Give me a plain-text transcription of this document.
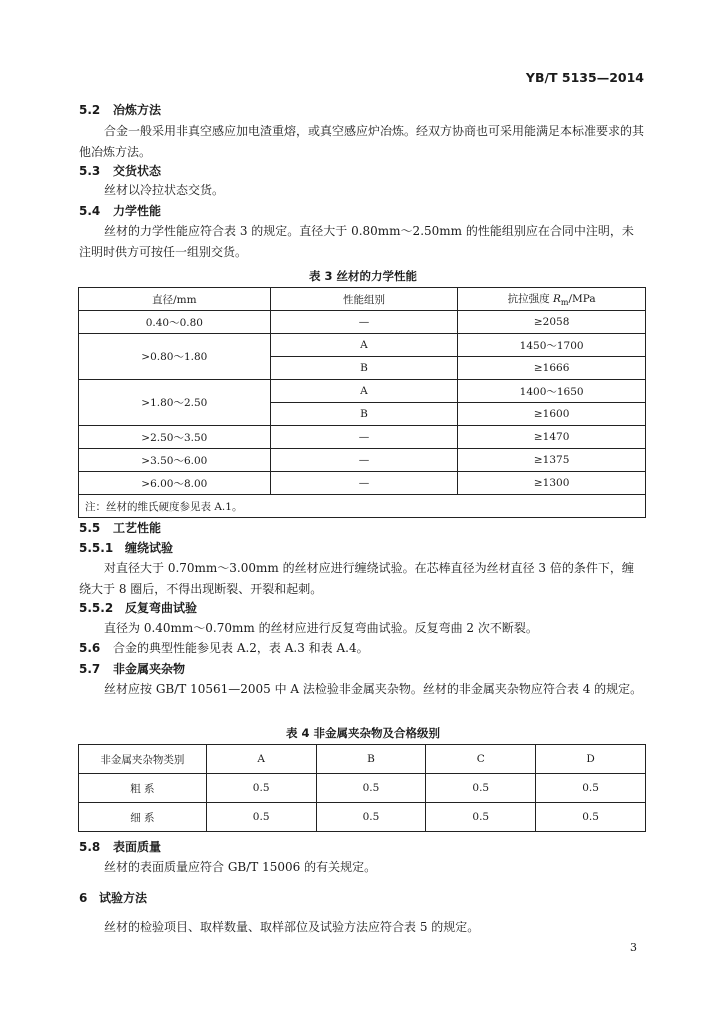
YB/T 5135—2014
5.2 冶炼方法
合金一般采用非真空感应加电渣重熔，或真空感应炉冶炼。经双方协商也可采用能满足本标准要求的其他冶炼方法。
5.3 交货状态
丝材以冷拉状态交货。
5.4 力学性能
丝材的力学性能应符合表 3 的规定。直径大于 0.80mm～2.50mm 的性能组别应在合同中注明，未注明时供方可按任一组别交货。
表 3 丝材的力学性能
直径/mm	性能组别	抗拉强度 $R_m$/MPa
0.40～0.80	—	≥2058
>0.80～1.80	A	1450～1700
	B	≥1666
>1.80～2.50	A	1400～1650
	B	≥1600
>2.50～3.50	—	≥1470
>3.50～6.00	—	≥1375
>6.00～8.00	—	≥1300
注：丝材的维氏硬度参见表 A.1。		
5.5 工艺性能
5.5.1 缠绕试验
对直径大于 0.70mm～3.00mm 的丝材应进行缠绕试验。在芯棒直径为丝材直径 3 倍的条件下，缠绕大于 8 圈后，不得出现断裂、开裂和起刺。
5.5.2 反复弯曲试验
直径为 0.40mm～0.70mm 的丝材应进行反复弯曲试验。反复弯曲 2 次不断裂。
5.6 合金的典型性能参见表 A.2，表 A.3 和表 A.4。
5.7 非金属夹杂物
丝材应按 GB/T 10561—2005 中 A 法检验非金属夹杂物。丝材的非金属夹杂物应符合表 4 的规定。
表 4 非金属夹杂物及合格级别
非金属夹杂物类别	A	B	C	D
粗 系	0.5	0.5	0.5	0.5
细 系	0.5	0.5	0.5	0.5
5.8 表面质量
丝材的表面质量应符合 GB/T 15006 的有关规定。
6 试验方法
丝材的检验项目、取样数量、取样部位及试验方法应符合表 5 的规定。
3
